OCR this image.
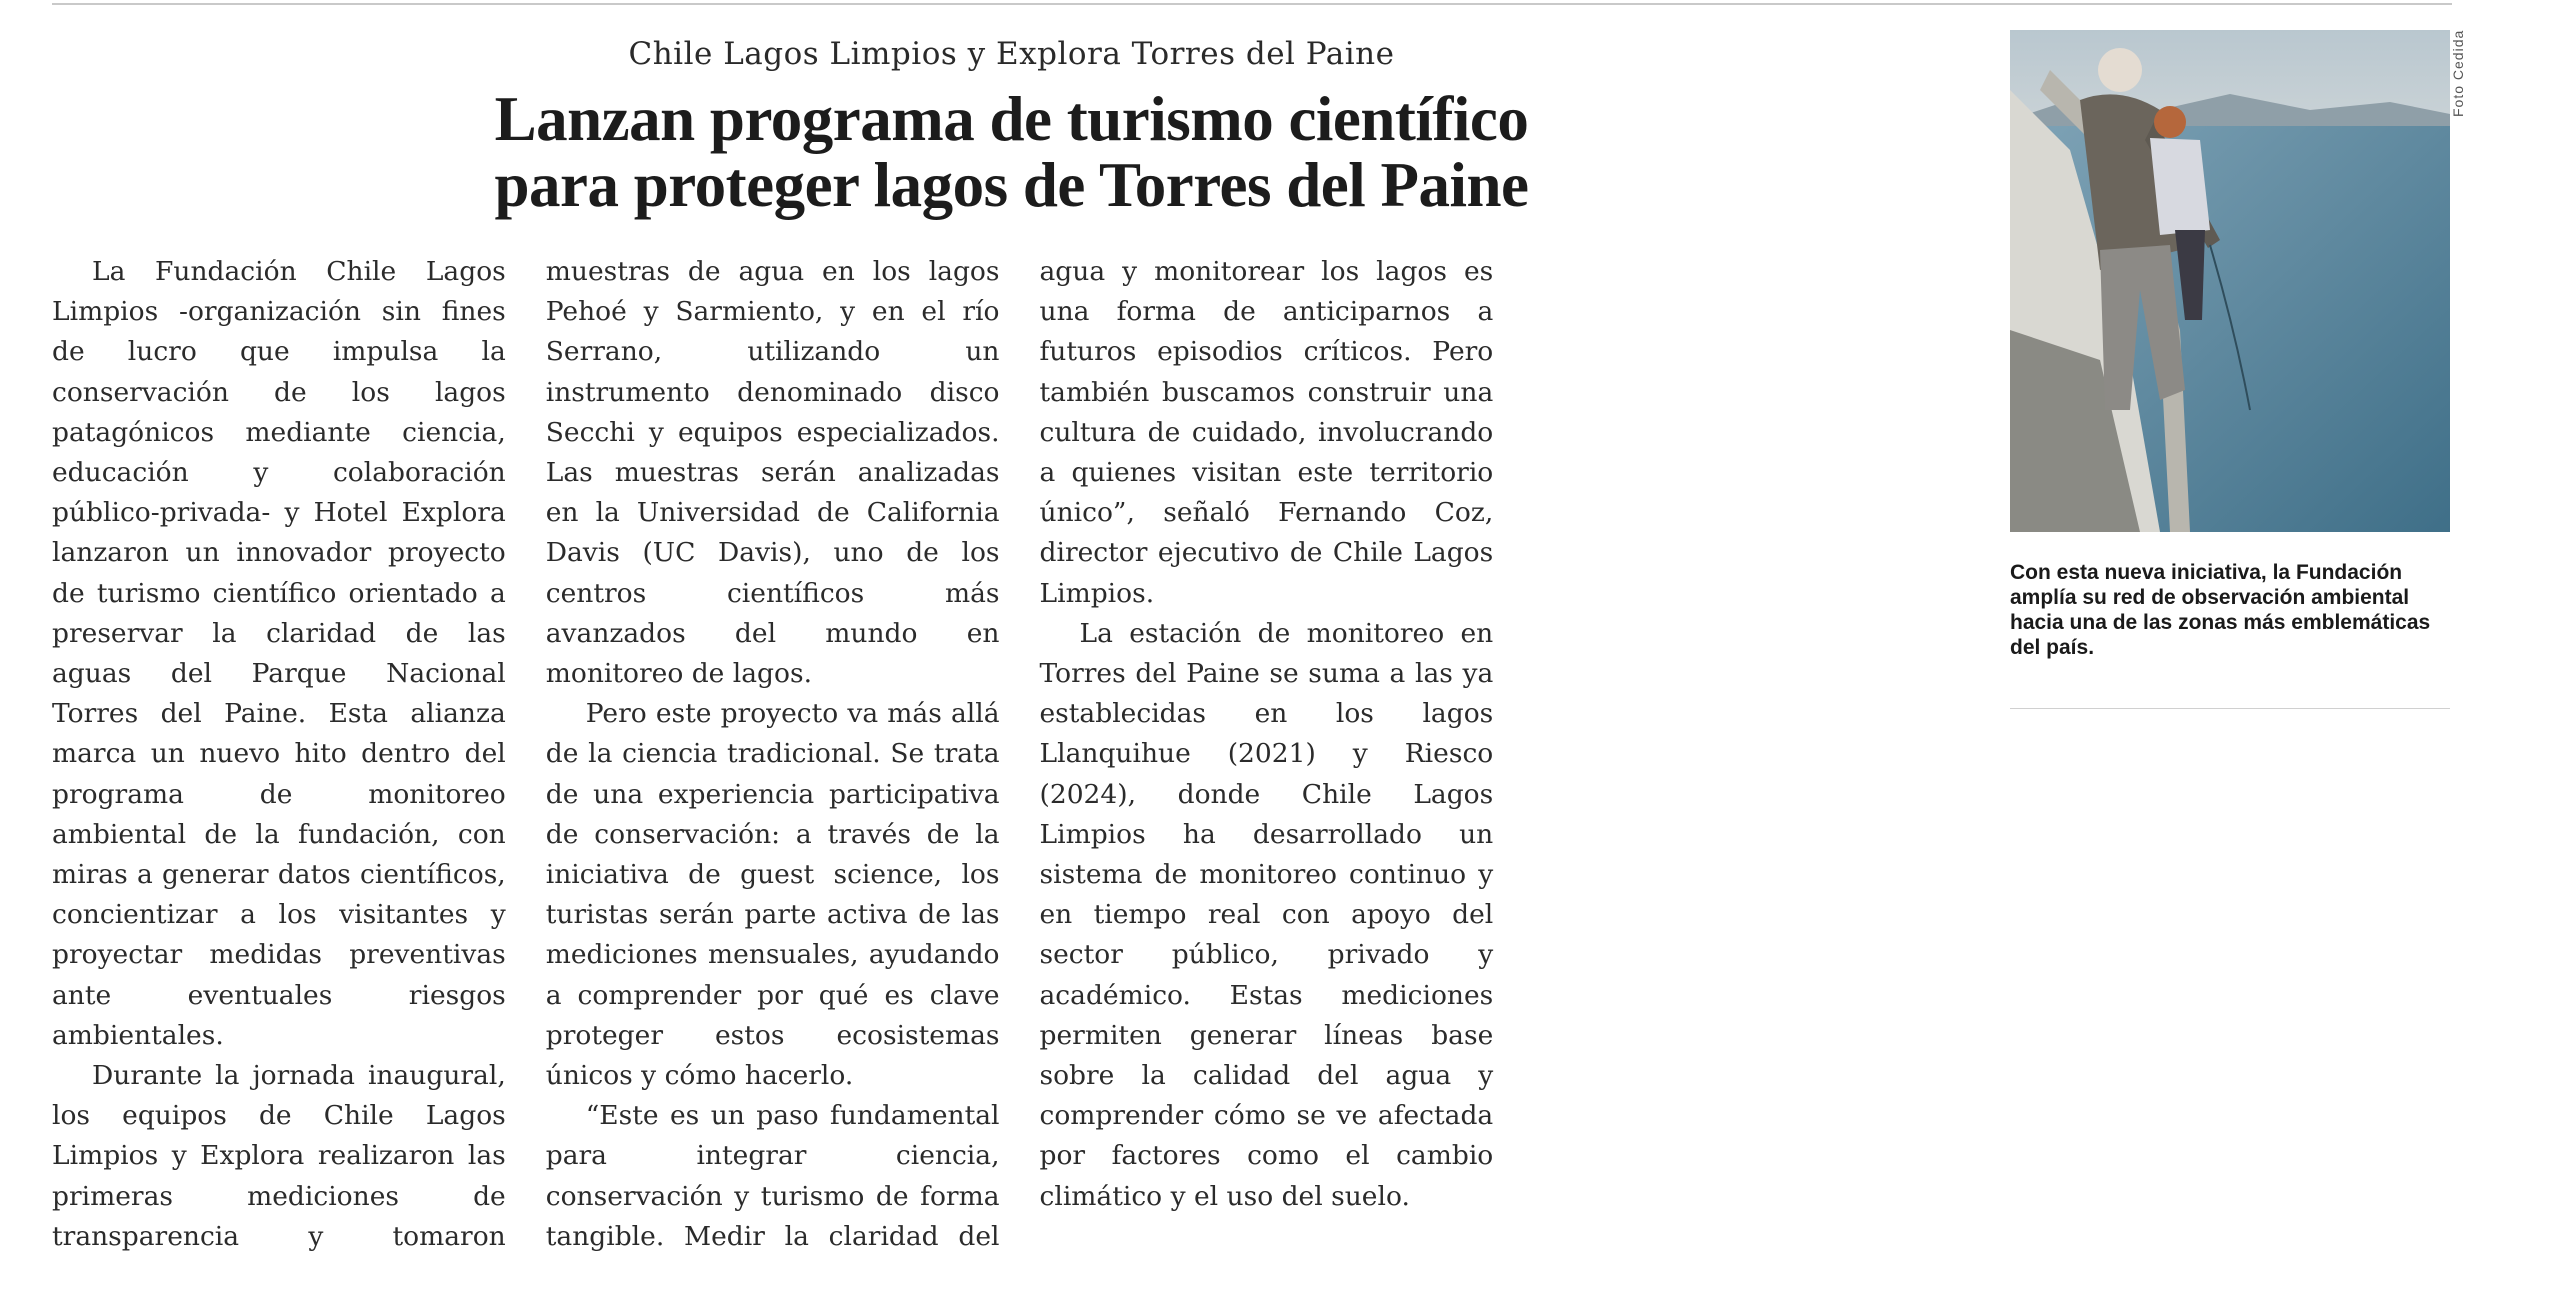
Chile Lagos Limpios y Explora Torres del Paine
Lanzan programa de turismo científico
para proteger lagos de Torres del Paine

La Fundación Chile Lagos Limpios -organización sin fines de lucro que impulsa la conservación de los lagos patagónicos mediante ciencia, educación y colaboración público-privada- y Hotel Explora lanzaron un innovador proyecto de turismo científico orientado a preservar la claridad de las aguas del Parque Nacional Torres del Paine. Esta alianza marca un nuevo hito dentro del programa de monitoreo ambiental de la fundación, con miras a generar datos científicos, concientizar a los visitantes y proyectar medidas preventivas ante eventuales riesgos ambientales.

Durante la jornada inaugural, los equipos de Chile Lagos Limpios y Explora realizaron las primeras mediciones de transparencia y tomaron muestras de agua en los lagos Pehoé y Sarmiento, y en el río Serrano, utilizando un instrumento denominado disco Secchi y equipos especializados. Las muestras serán analizadas en la Universidad de California Davis (UC Davis), uno de los centros científicos más avanzados del mundo en monitoreo de lagos.

Pero este proyecto va más allá de la ciencia tradicional. Se trata de una experiencia participativa de conservación: a través de la iniciativa de guest science, los turistas serán parte activa de las mediciones mensuales, ayudando a comprender por qué es clave proteger estos ecosistemas únicos y cómo hacerlo.

“Este es un paso fundamental para integrar ciencia, conservación y turismo de forma tangible. Medir la claridad del agua y monitorear los lagos es una forma de anticiparnos a futuros episodios críticos. Pero también buscamos construir una cultura de cuidado, involucrando a quienes visitan este territorio único”, señaló Fernando Coz, director ejecutivo de Chile Lagos Limpios.

La estación de monitoreo en Torres del Paine se suma a las ya establecidas en los lagos Llanquihue (2021) y Riesco (2024), donde Chile Lagos Limpios ha desarrollado un sistema de monitoreo continuo y en tiempo real con apoyo del sector público, privado y académico. Estas mediciones permiten generar líneas base sobre la calidad del agua y comprender cómo se ve afectada por factores como el cambio climático y el uso del suelo.

Foto Cedida

Con esta nueva iniciativa, la Fundación amplía su red de observación ambiental hacia una de las zonas más emblemáticas del país.
